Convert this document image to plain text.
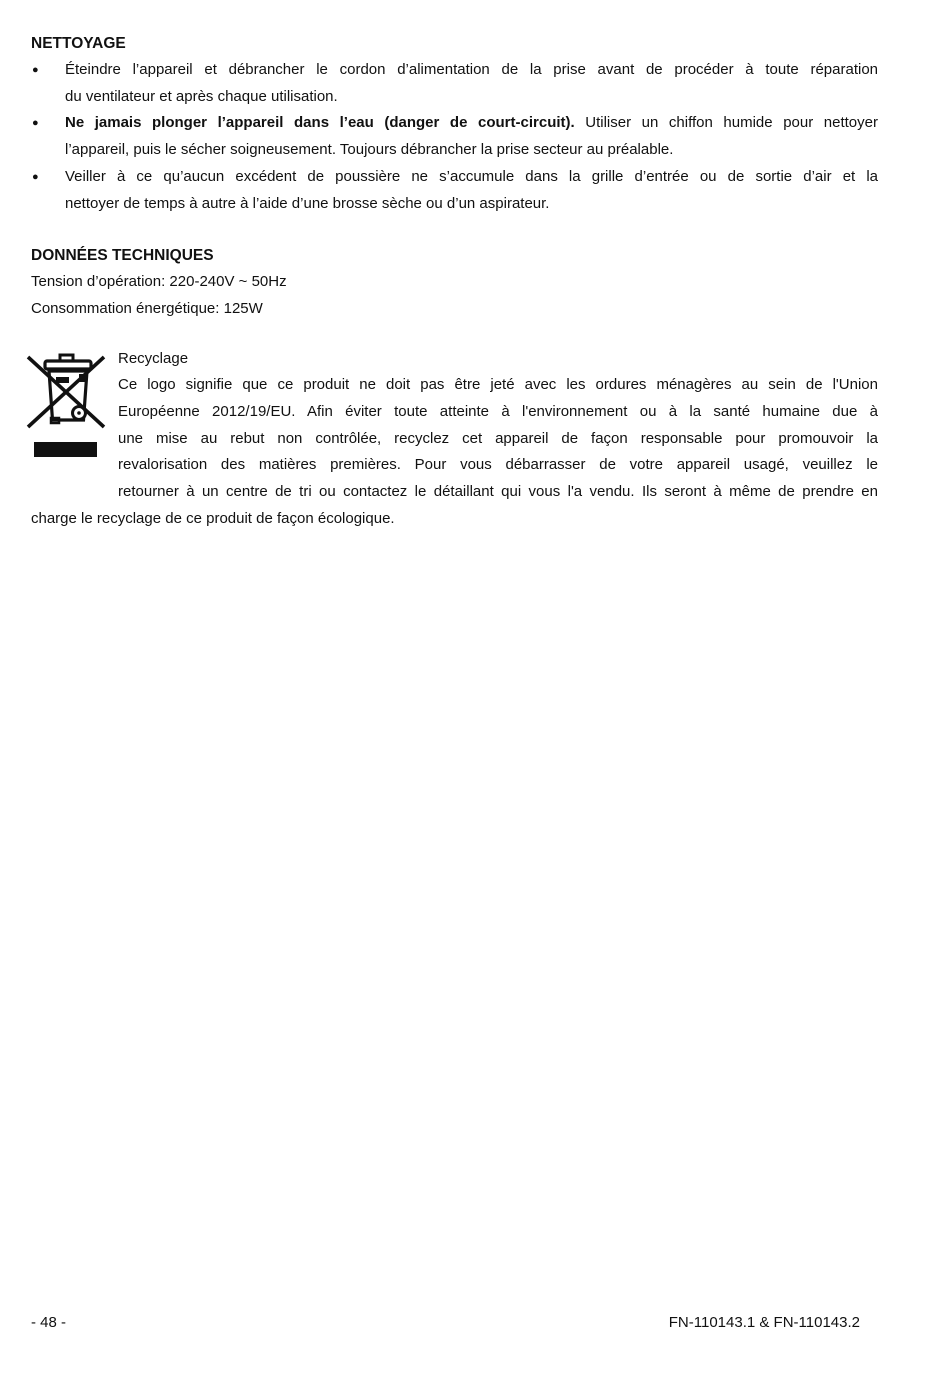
NETTOYAGE
● Éteindre l’appareil et débrancher le cordon d’alimentation de la prise avant de procéder à toute réparation
du ventilateur et après chaque utilisation.
● Ne jamais plonger l’appareil dans l’eau (danger de court-circuit). Utiliser un chiffon humide pour nettoyer
l’appareil, puis le sécher soigneusement. Toujours débrancher la prise secteur au préalable.
● Veiller à ce qu’aucun excédent de poussière ne s’accumule dans la grille d’entrée ou de sortie d’air et la
nettoyer de temps à autre à l’aide d’une brosse sèche ou d’un aspirateur.
DONNÉES TECHNIQUES
Tension d’opération: 220-240V ~ 50Hz
Consommation énergétique: 125W
Recyclage
Ce logo signifie que ce produit ne doit pas être jeté avec les ordures ménagères au sein de l'Union
Européenne 2012/19/EU. Afin éviter toute atteinte à l'environnement ou à la santé humaine due à
une mise au rebut non contrôlée, recyclez cet appareil de façon responsable pour promouvoir la
revalorisation des matières premières. Pour vous débarrasser de votre appareil usagé, veuillez le
retourner à un centre de tri ou contactez le détaillant qui vous l'a vendu. Ils seront à même de prendre en
charge le recyclage de ce produit de façon écologique.
- 48 -	FN-110143.1 & FN-110143.2
